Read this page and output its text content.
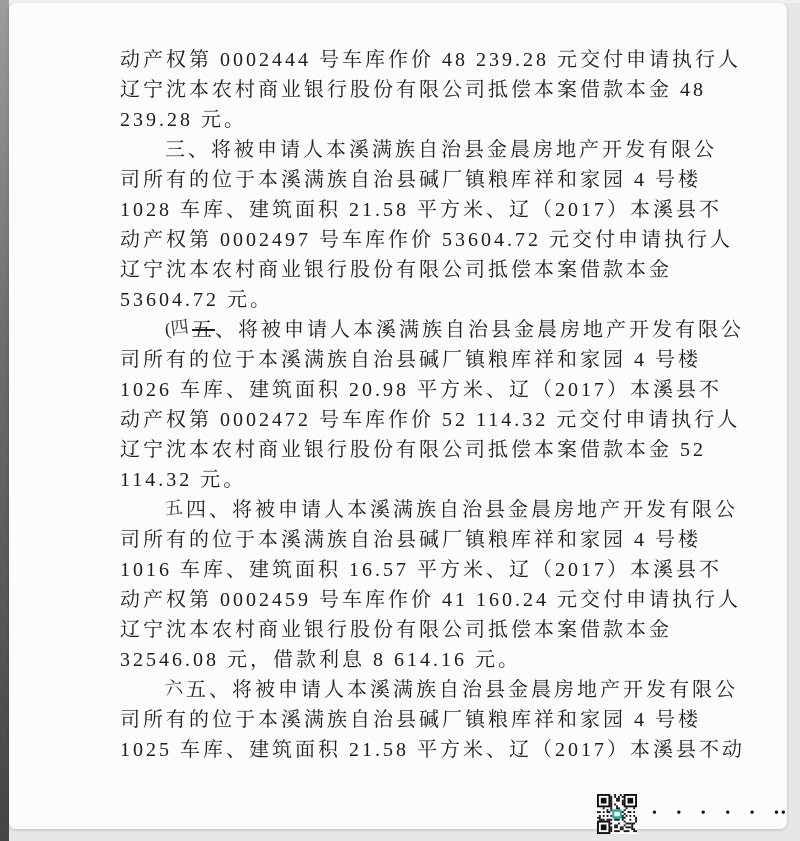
动产权第 0002444 号车库作价 48 239.28 元交付申请执行人
辽宁沈本农村商业银行股份有限公司抵偿本案借款本金 48
239.28 元。
三、将被申请人本溪满族自治县金晨房地产开发有限公
司所有的位于本溪满族自治县碱厂镇粮库祥和家园 4 号楼
1028 车库、建筑面积 21.58 平方米、辽（2017）本溪县不
动产权第 0002497 号车库作价 53604.72 元交付申请执行人
辽宁沈本农村商业银行股份有限公司抵偿本案借款本金
53604.72 元。
(四 五、将被申请人本溪满族自治县金晨房地产开发有限公
司所有的位于本溪满族自治县碱厂镇粮库祥和家园 4 号楼
1026 车库、建筑面积 20.98 平方米、辽（2017）本溪县不
动产权第 0002472 号车库作价 52 114.32 元交付申请执行人
辽宁沈本农村商业银行股份有限公司抵偿本案借款本金 52
114.32 元。
五 四、将被申请人本溪满族自治县金晨房地产开发有限公
司所有的位于本溪满族自治县碱厂镇粮库祥和家园 4 号楼
1016 车库、建筑面积 16.57 平方米、辽（2017）本溪县不
动产权第 0002459 号车库作价 41 160.24 元交付申请执行人
辽宁沈本农村商业银行股份有限公司抵偿本案借款本金
32546.08 元，借款利息 8 614.16 元。
六 五、将被申请人本溪满族自治县金晨房地产开发有限公
司所有的位于本溪满族自治县碱厂镇粮库祥和家园 4 号楼
1025 车库、建筑面积 21.58 平方米、辽（2017）本溪县不动
• • • • • ••
